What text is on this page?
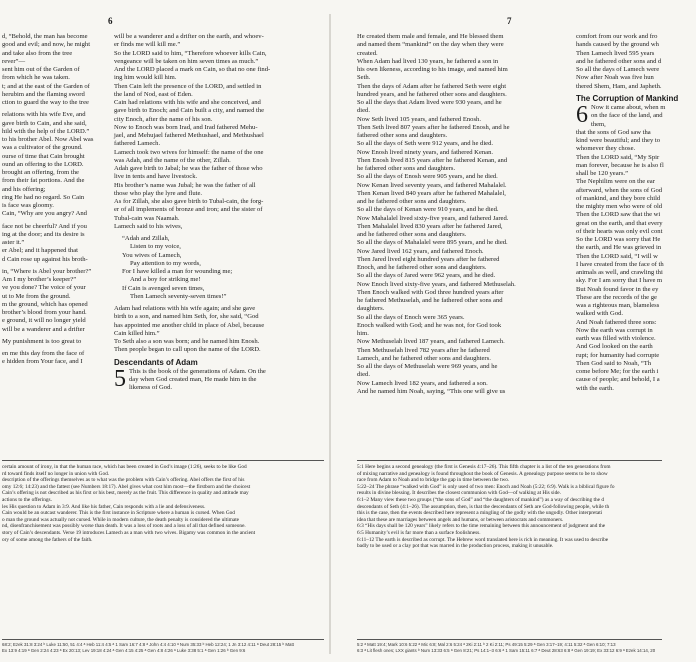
6
d, “Behold, the man has become
good and evil; and now, he might
and take also from the tree
rever”—
sent him out of the Garden of
from which he was taken.
t; and at the east of the Garden of
herubim and the flaming sword
ction to guard the way to the tree

relations with his wife Eve, and
gave birth to Cain, and she said,
hild with the help of the LORD.”
to his brother Abel. Now Abel was
was a cultivator of the ground.
ourse of time that Cain brought
ound an offering to the LORD.
brought an offering, from the
from their fat portions. And the
and his offering;
ring He had no regard. So Cain
is face was gloomy.
Cain, “Why are you angry? And

face not be cheerful? And if you
ing at the door; and its desire is
aster it.”
er Abel; and it happened that
d Cain rose up against his broth-

in, “Where is Abel your brother?”
Am I my brother’s keeper?”
ve you done? The voice of your
ut to Me from the ground.
m the ground, which has opened
brother’s blood from your hand.
e ground, it will no longer yield
will be a wanderer and a drifter

My punishment is too great to

en me this day from the face of
e hidden from Your face, and I
will be a wanderer and a drifter on the earth, and whoev-
er finds me will kill me.”
So the LORD said to him, “Therefore whoever kills Cain,
vengeance will be taken on him seven times as much.”
And the LORD placed a mark on Cain, so that no one find-
ing him would kill him.
Then Cain left the presence of the LORD, and settled in
the land of Nod, east of Eden.
Cain had relations with his wife and she conceived, and
gave birth to Enoch; and Cain built a city, and named the
city Enoch, after the name of his son.
Now to Enoch was born Irad, and Irad fathered Mehu-
jael, and Mehujael fathered Methushael, and Methushael
fathered Lamech.
Lamech took two wives for himself: the name of the one
was Adah, and the name of the other, Zillah.
Adah gave birth to Jabal; he was the father of those who
live in tents and have livestock.
His brother’s name was Jubal; he was the father of all
those who play the lyre and flute.
As for Zillah, she also gave birth to Tubal-cain, the forg-
er of all implements of bronze and iron; and the sister of
Tubal-cain was Naamah.
Lamech said to his wives,
“Adah and Zillah,
Listen to my voice,
You wives of Lamech,
Pay attention to my words,
For I have killed a man for wounding me;
And a boy for striking me!
If Cain is avenged seven times,
Then Lamech seventy-seven times!”
Adam had relations with his wife again; and she gave
birth to a son, and named him Seth, for, she said, “God
has appointed me another child in place of Abel, because
Cain killed him.”
To Seth also a son was born; and he named him Enosh.
Then people began to call upon the name of the LORD.
Descendants of Adam
5 This is the book of the generations of Adam. On the
day when God created man, He made him in the
likeness of God.
certain amount of irony, in that the human race, which has been created in God’s image (1:26), seeks to be like God
rd toward finds itself no longer in union with God.
description of the offerings themselves as to what was the problem with Cain’s offering. Abel offers the first of his
omy 12:6; 14:23) and the fattest (see Numbers 18:17). Abel gives what cost him most—the firstborn and the choicest
Cain’s offering is not described as his first or his best, merely as the fruit. This difference in quality and attitude may
actions to the offerings.
les His question to Adam in 3:9. And like his father, Cain responds with a lie and defensiveness.
Cain would be an outcast wanderer. This is the first instance in Scripture where a human is cursed. When God
o man the ground was actually not cursed. While in modern culture, the death penalty is considered the ultimate
nd, disenfranchisement was possibly worse than death. It was a loss of roots and a loss of all that defined someone.
story of Cain’s descendants. Verse 19 introduces Lamech as a man with two wives. Bigamy was common in the ancient
ory of some among the fathers of the faith.
68:2; Ezek 31:8 3:24 ᵇ Luke 11:50, 51 4:4 ᵃ Heb 11:4 4:5 ᵃ 1 Sam 16:7 4:8 ᵃ John 4:4 4:10 ᵃ Num 35:33 ᵇ Heb 12:24; 1 Jn 3:12 4:11 ᵃ Deut 28:15 ᵇ Matt
Ex 13:9 4:19 ᵃ Gen 2:24 4:23 ᵃ Ex 20:13; Lev 19:18 4:24 ᵃ Gen 4:15 4:25 ᵃ Gen 4:8 4:26 ᵃ Luke 3:38 5:1 ᵃ Gen 1:26 ᵇ Gen 9:6
7
He created them male and female, and He blessed them
and named them “mankind” on the day when they were
created.
When Adam had lived 130 years, he fathered a son in
his own likeness, according to his image, and named him
Seth.
Then the days of Adam after he fathered Seth were eight
hundred years, and he fathered other sons and daughters.
So all the days that Adam lived were 930 years, and he
died.
Now Seth lived 105 years, and fathered Enosh.
Then Seth lived 807 years after he fathered Enosh, and he
fathered other sons and daughters.
So all the days of Seth were 912 years, and he died.
Now Enosh lived ninety years, and fathered Kenan.
Then Enosh lived 815 years after he fathered Kenan, and
he fathered other sons and daughters.
So all the days of Enosh were 905 years, and he died.
Now Kenan lived seventy years, and fathered Mahalalel.
Then Kenan lived 840 years after he fathered Mahalalel,
and he fathered other sons and daughters.
So all the days of Kenan were 910 years, and he died.
Now Mahalalel lived sixty-five years, and fathered Jared.
Then Mahalalel lived 830 years after he fathered Jared,
and he fathered other sons and daughters.
So all the days of Mahalalel were 895 years, and he died.
Now Jared lived 162 years, and fathered Enoch.
Then Jared lived eight hundred years after he fathered
Enoch, and he fathered other sons and daughters.
So all the days of Jared were 962 years, and he died.
Now Enoch lived sixty-five years, and fathered Methuselah.
Then Enoch walked with God three hundred years after
he fathered Methuselah, and he fathered other sons and
daughters.
So all the days of Enoch were 365 years.
Enoch walked with God; and he was not, for God took
him.
Now Methuselah lived 187 years, and fathered Lamech.
Then Methuselah lived 782 years after he fathered
Lamech, and he fathered other sons and daughters.
So all the days of Methuselah were 969 years, and he
died.
Now Lamech lived 182 years, and fathered a son.
And he named him Noah, saying, “This one will give us
comfort from our work and fro
hands caused by the ground wh
Then Lamech lived 595 years
and he fathered other sons and d
So all the days of Lamech were
Now after Noah was five hun
thered Shem, Ham, and Japheth.
The Corruption of Mankind
6 Now it came about, when m
on the face of the land, and
them,
that the sons of God saw tha
kind were beautiful; and they to
whomever they chose.
Then the LORD said, “My Spir
man forever, because he is also fl
shall be 120 years.”
The Nephilim were on the ear
afterward, when the sons of God
of mankind, and they bore child
the mighty men who were of old
Then the LORD saw that the wi
great on the earth, and that every
of their hearts was only evil cont
So the LORD was sorry that He
the earth, and He was grieved in
Then the LORD said, “I will w
I have created from the face of th
animals as well, and crawling thi
sky. For I am sorry that I have m
But Noah found favor in the ey
These are the records of the ge
was a righteous man, blameless
walked with God.
And Noah fathered three sons:
Now the earth was corrupt in
earth was filled with violence.
And God looked on the earth
rupt; for humanity had corrupte
Then God said to Noah, “Th
come before Me; for the earth i
cause of people; and behold, I a
with the earth.
5:1 Here begins a second genealogy (the first is Genesis 4:17–26). This fifth chapter is a list of the ten generations from
of mixing narrative and genealogy is found throughout the book of Genesis. A genealogy purpose seems to be to show
race from Adam to Noah and to bridge the gap in time between the two.
5:22–24 The phrase “walked with God” is only used of two men: Enoch and Noah (5:22; 6:9). Walk is a biblical figure fo
results in divine blessing. It describes the closest communion with God—of walking at His side.
6:1–2 Many view these two groups (“the sons of God” and “the daughters of mankind”) as a way of describing the d
descendants of Seth (4:1–26). The assumption, then, is that the descendants of Seth are God-following people, while th
this is the case, then the events described here represent a mingling of the godly with the ungodly. Other interpretati
idea that these are marriages between angels and humans, or between aristocrats and commoners.
6:3 “His days shall be 120 years” likely refers to the time remaining between this announcement of judgment and the
6:5 Humanity’s evil is far more than a surface foolishness.
6:11–12 The earth is described as corrupt. The Hebrew word translated here is rich in meaning. It was used to describe
badly to be used or a clay pot that was marred in the production process, making it unusable.
5:2 ᵃ Matt 19:4; Mark 10:6 5:22 ᵃ Mic 6:8; Mal 2:6 5:24 ᵃ 2Ki 2:11 ᵇ 2 Ki 2:11; Ps 49:15 5:29 ᵃ Gen 3:17–19; 4:11 5:32 ᵃ Gen 6:10; 7:13
6:3 ᵃ Lit flesh ones; LXX giants ᵇ Num 13:33 6:5 ᵃ Gen 8:21; Ps 14:1–3 6:6 ᵃ 1 Sam 15:11 6:7 ᵃ Deut 28:63 6:8 ᵃ Gen 19:19; Ex 33:12 6:9 ᵃ Ezek 14:14, 20
